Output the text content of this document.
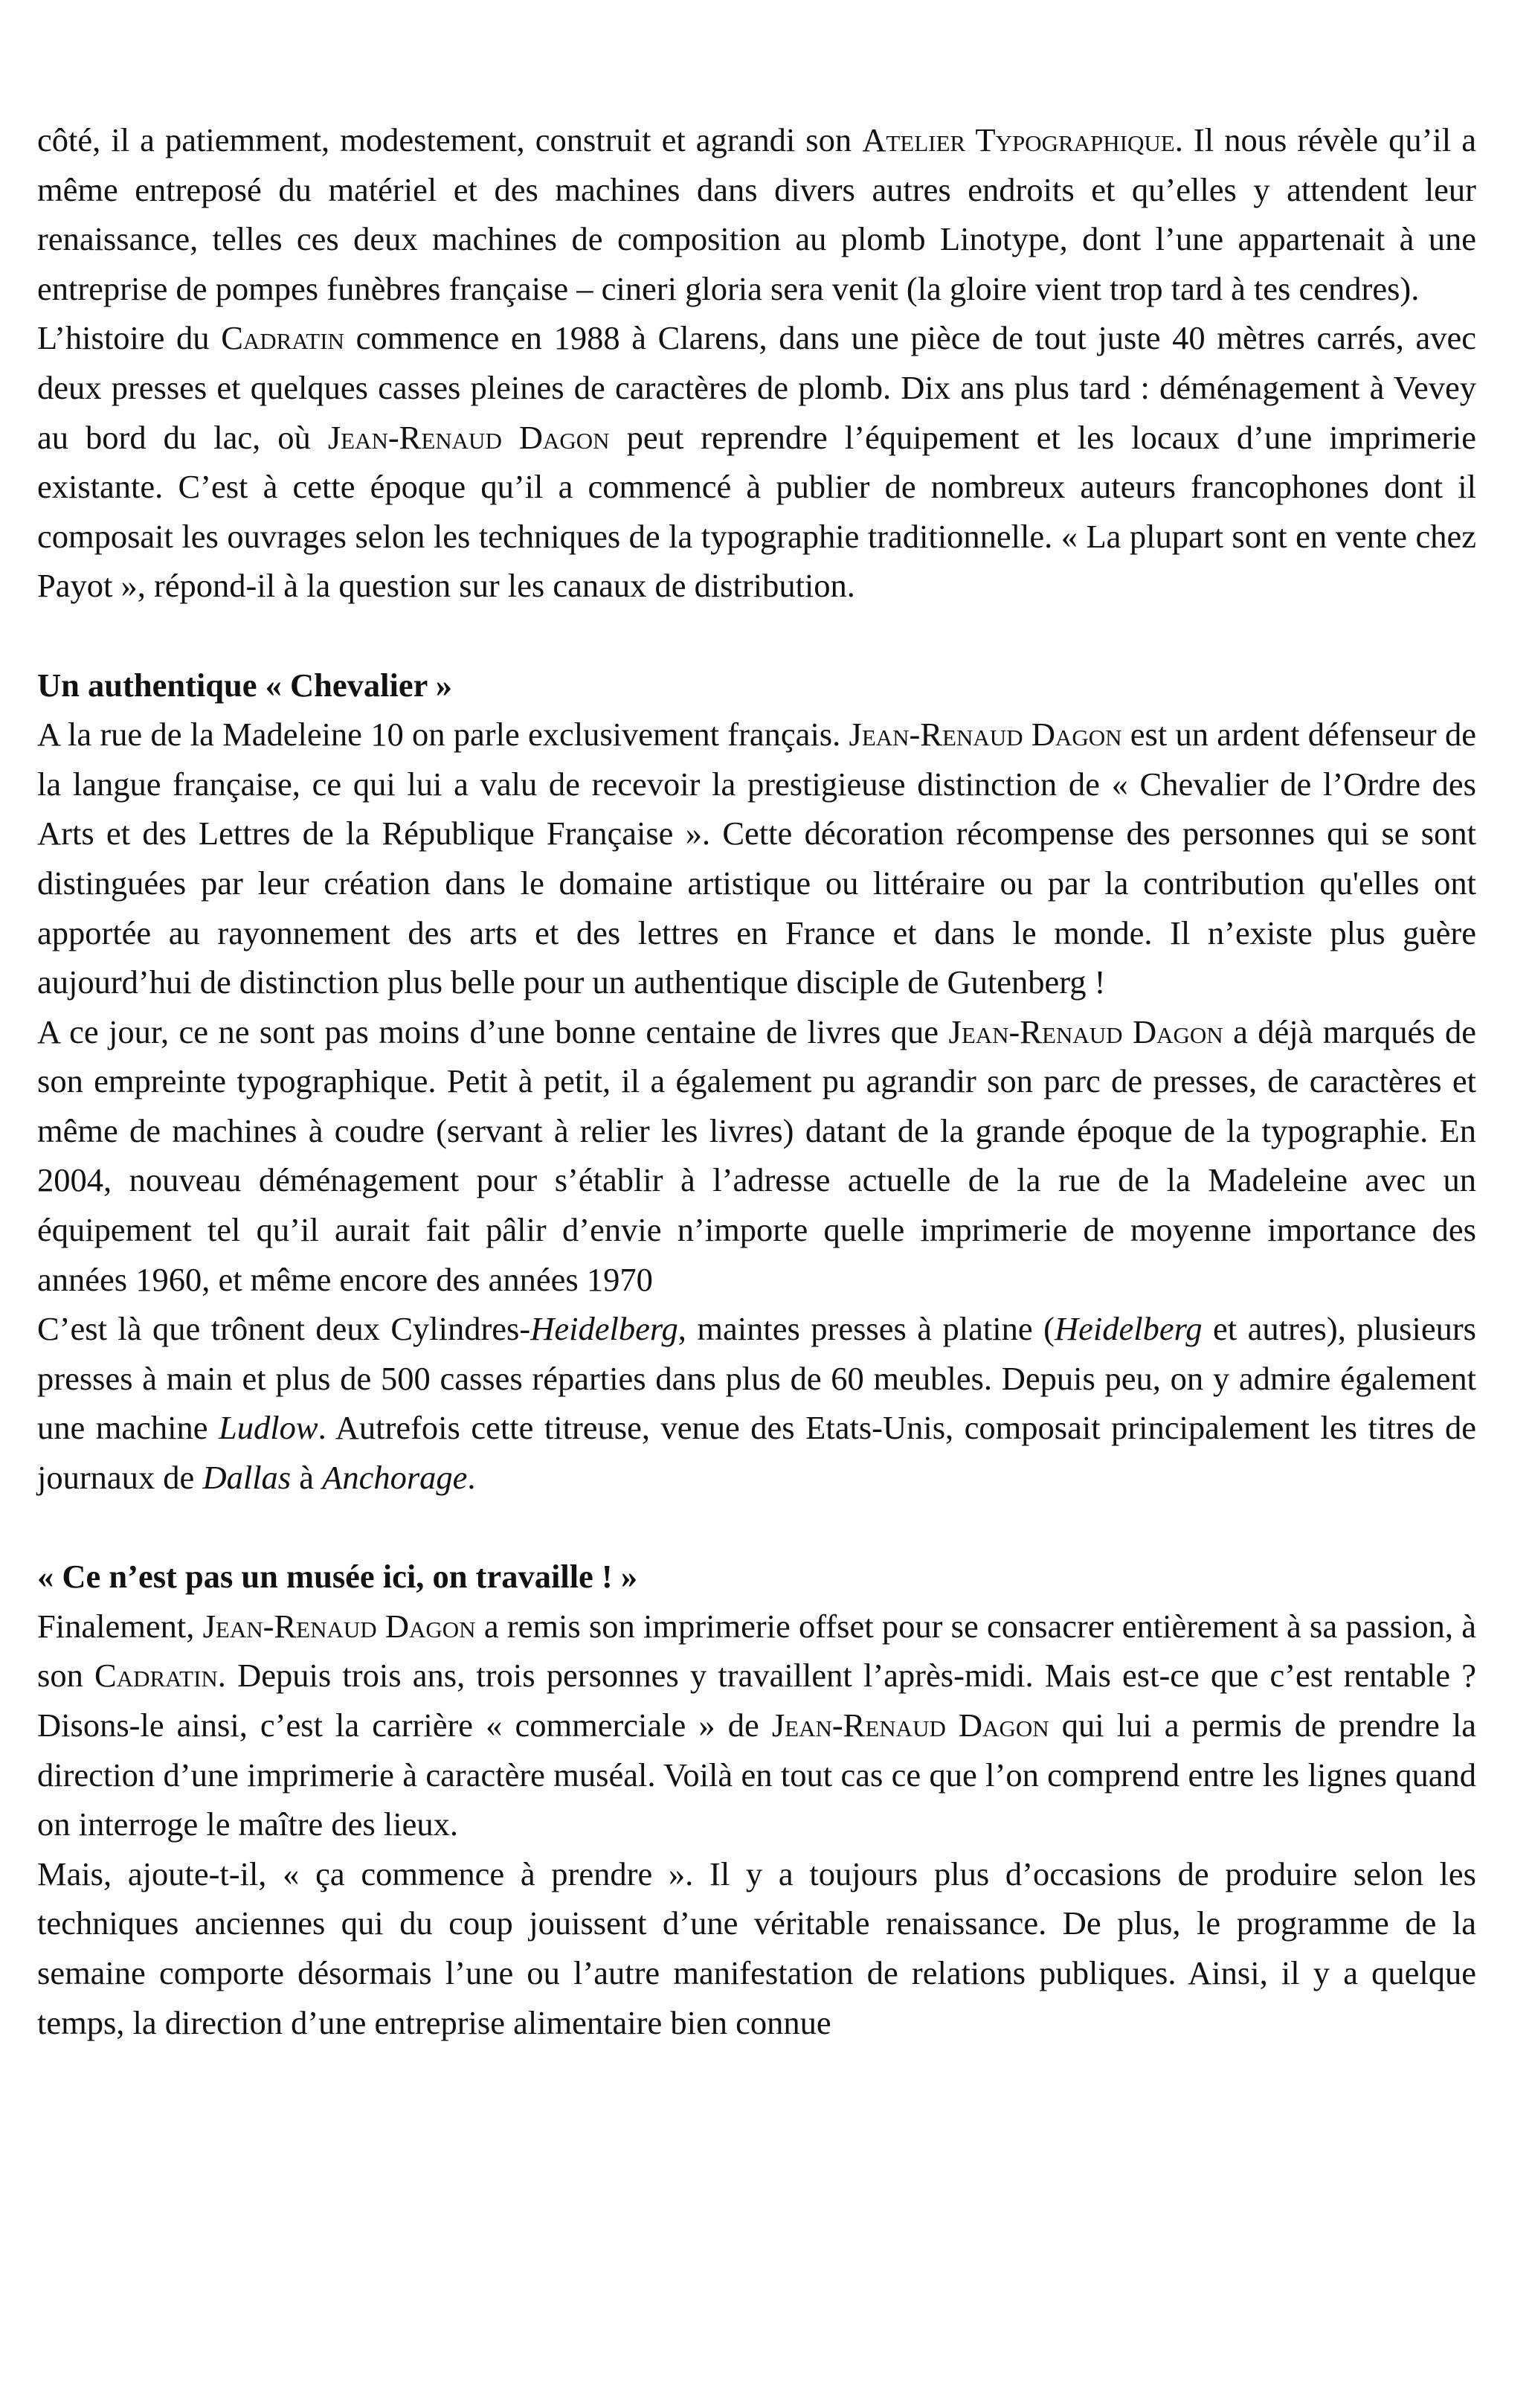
côté, il a patiemment, modestement, construit et agrandi son Atelier Typographique. Il nous révèle qu’il a même entreposé du matériel et des machines dans divers autres endroits et qu’elles y attendent leur renaissance, telles ces deux machines de composition au plomb Linotype, dont l’une appartenait à une entreprise de pompes funèbres française – cineri gloria sera venit (la gloire vient trop tard à tes cendres).

L’histoire du Cadratin commence en 1988 à Clarens, dans une pièce de tout juste 40 mètres carrés, avec deux presses et quelques casses pleines de caractères de plomb. Dix ans plus tard : déménagement à Vevey au bord du lac, où Jean-Renaud Dagon peut reprendre l’équipement et les locaux d’une imprimerie existante. C’est à cette époque qu’il a commencé à publier de nombreux auteurs francophones dont il composait les ouvrages selon les techniques de la typographie traditionnelle. « La plupart sont en vente chez Payot », répond-il à la question sur les canaux de distribution.

Un authentique « Chevalier »

A la rue de la Madeleine 10 on parle exclusivement français. Jean-Renaud Dagon est un ardent défenseur de la langue française, ce qui lui a valu de recevoir la prestigieuse distinction de « Chevalier de l’Ordre des Arts et des Lettres de la République Française ». Cette décoration récompense des personnes qui se sont distinguées par leur création dans le domaine artistique ou littéraire ou par la contribution qu'elles ont apportée au rayonnement des arts et des lettres en France et dans le monde. Il n’existe plus guère aujourd’hui de distinction plus belle pour un authentique disciple de Gutenberg !

A ce jour, ce ne sont pas moins d’une bonne centaine de livres que Jean-Renaud Dagon a déjà marqués de son empreinte typographique. Petit à petit, il a également pu agrandir son parc de presses, de caractères et même de machines à coudre (servant à relier les livres) datant de la grande époque de la typographie. En 2004, nouveau déménagement pour s’établir à l’adresse actuelle de la rue de la Madeleine avec un équipement tel qu’il aurait fait pâlir d’envie n’importe quelle imprimerie de moyenne importance des années 1960, et même encore des années 1970

C’est là que trônent deux Cylindres-Heidelberg, maintes presses à platine (Heidelberg et autres), plusieurs presses à main et plus de 500 casses réparties dans plus de 60 meubles. Depuis peu, on y admire également une machine Ludlow. Autrefois cette titreuse, venue des Etats-Unis, composait principalement les titres de journaux de Dallas à Anchorage.

« Ce n’est pas un musée ici, on travaille ! »

Finalement, Jean-Renaud Dagon a remis son imprimerie offset pour se consacrer entièrement à sa passion, à son Cadratin. Depuis trois ans, trois personnes y travaillent l’après-midi. Mais est-ce que c’est rentable ? Disons-le ainsi, c’est la carrière « commerciale » de Jean-Renaud Dagon qui lui a permis de prendre la direction d’une imprimerie à caractère muséal. Voilà en tout cas ce que l’on comprend entre les lignes quand on interroge le maître des lieux.

Mais, ajoute-t-il, « ça commence à prendre ». Il y a toujours plus d’occasions de produire selon les techniques anciennes qui du coup jouissent d’une véritable renaissance. De plus, le programme de la semaine comporte désormais l’une ou l’autre manifestation de relations publiques. Ainsi, il y a quelque temps, la direction d’une entreprise alimentaire bien connue
